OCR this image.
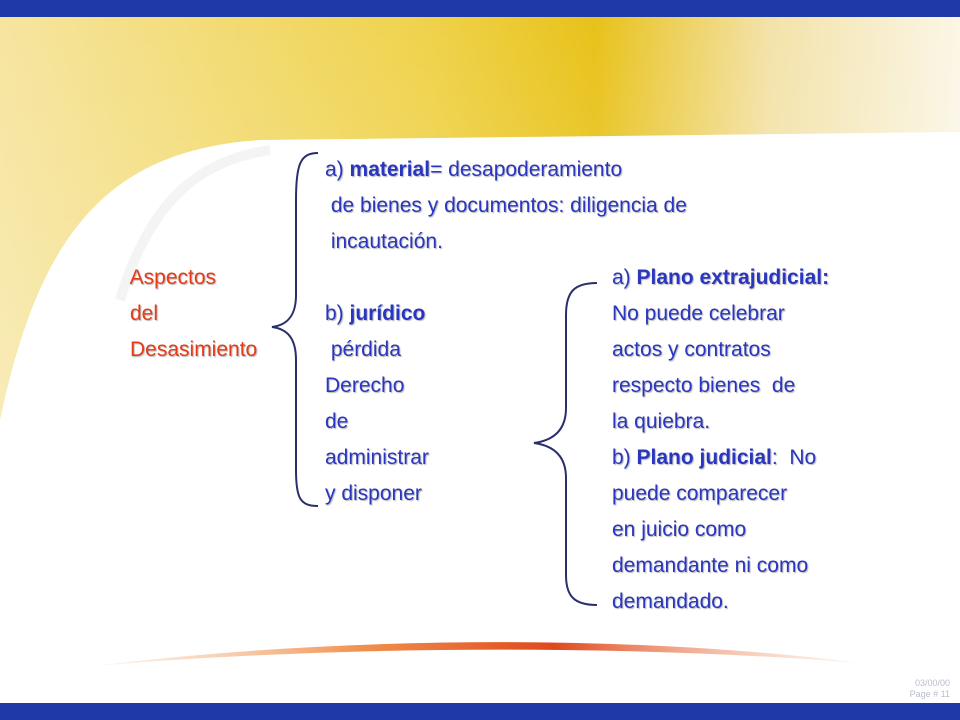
Aspectos
del
Desasimiento
a) material= desapoderamiento
de bienes y documentos: diligencia de
incautación.
b) jurídico
pérdida
Derecho
de
administrar
y disponer
a) Plano extrajudicial:
No puede celebrar
actos y contratos
respecto bienes  de
la quiebra.
b) Plano judicial:  No
puede comparecer
en juicio como
demandante ni como
demandado.
03/00/00
Page # 11
